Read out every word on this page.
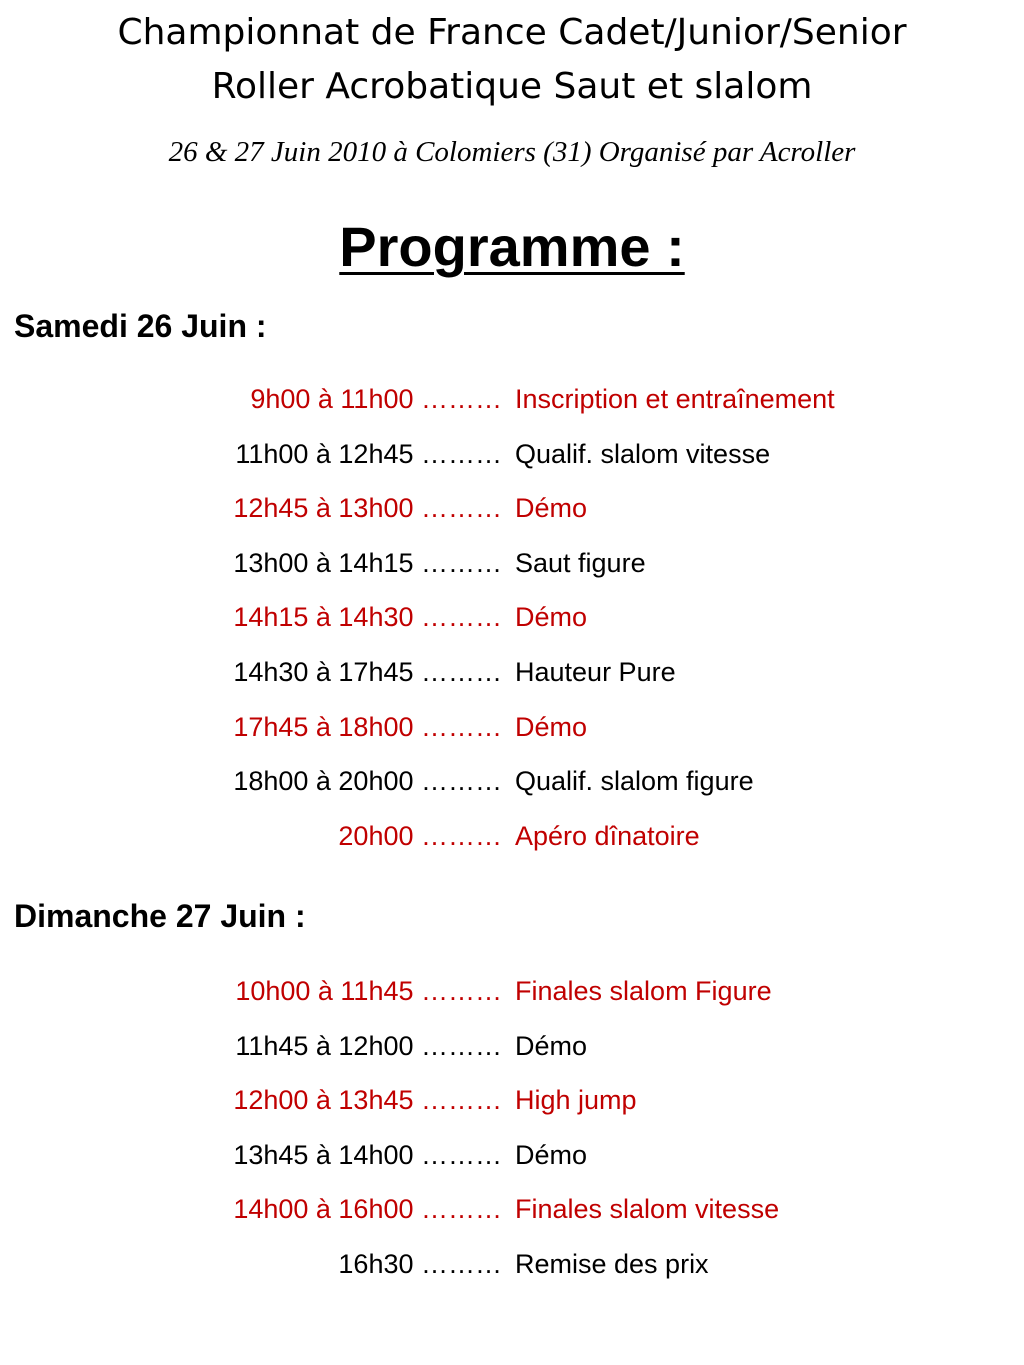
Championnat de France Cadet/Junior/Senior
Roller Acrobatique Saut et slalom
26 & 27 Juin 2010 à Colomiers (31) Organisé par Acroller
Programme :
Samedi 26 Juin :
9h00 à 11h00 ……… Inscription et entraînement
11h00 à 12h45 ……… Qualif. slalom vitesse
12h45 à 13h00 ……… Démo
13h00 à 14h15 ……… Saut figure
14h15 à 14h30 ……… Démo
14h30 à 17h45 ……… Hauteur Pure
17h45 à 18h00 ……… Démo
18h00 à 20h00 ……… Qualif. slalom figure
20h00 ……… Apéro dînatoire
Dimanche 27 Juin :
10h00 à 11h45 ……… Finales slalom Figure
11h45 à 12h00 ……… Démo
12h00 à 13h45 ……… High jump
13h45 à 14h00 ……… Démo
14h00 à 16h00 ……… Finales slalom vitesse
16h30 ……… Remise des prix
